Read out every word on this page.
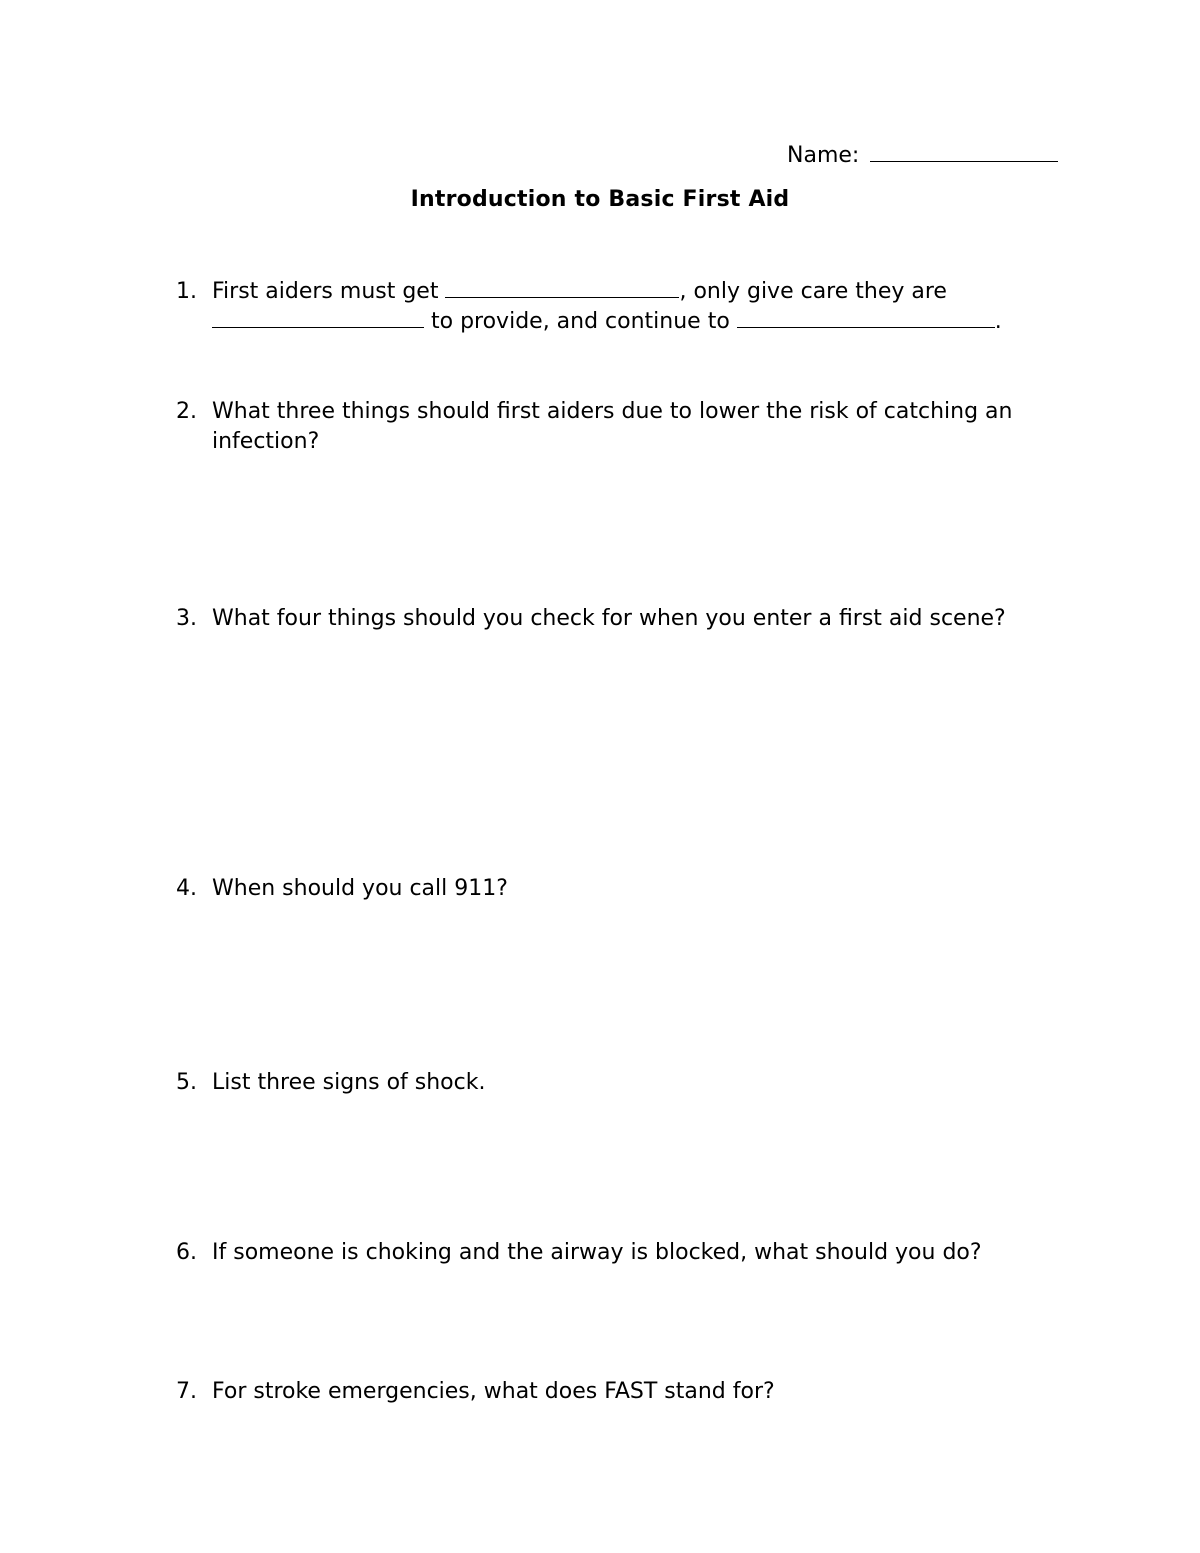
Name:
Introduction to Basic First Aid
1. First aiders must get	, only give care they are
to provide, and continue to	.
2. What three things should first aiders due to lower the risk of catching an infection?
3. What four things should you check for when you enter a first aid scene?
4. When should you call 911?
5. List three signs of shock.
6. If someone is choking and the airway is blocked, what should you do?
7. For stroke emergencies, what does FAST stand for?
